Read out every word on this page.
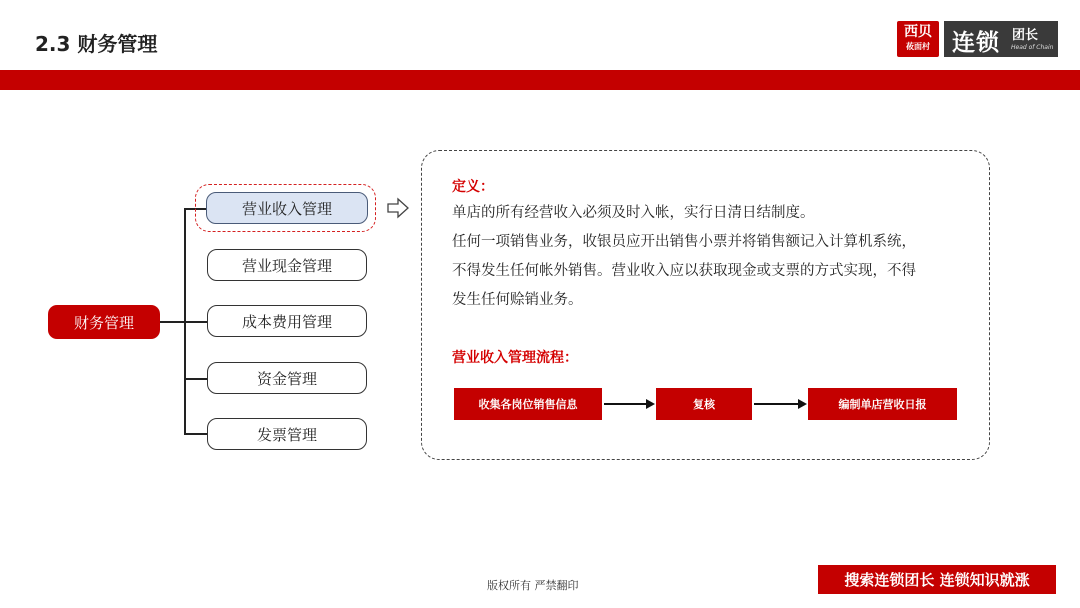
2.3 财务管理	西贝
莜面村 连锁 团长
Head of Chain
财务管理
营业收入管理
营业现金管理
成本费用管理
资金管理
发票管理
定义：
单店的所有经营收入必须及时入帐，实行日清日结制度。
任何一项销售业务，收银员应开出销售小票并将销售额记入计算机系统，
不得发生任何帐外销售。营业收入应以获取现金或支票的方式实现，不得
发生任何赊销业务。
营业收入管理流程：
收集各岗位销售信息	复核	编制单店营收日报
版权所有 严禁翻印	搜索连锁团长 连锁知识就涨
